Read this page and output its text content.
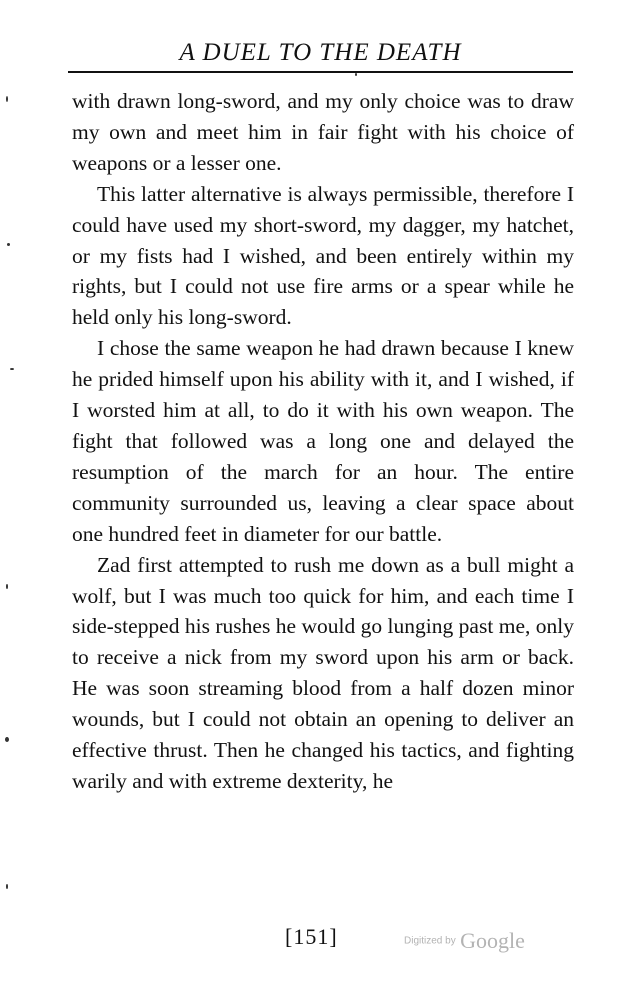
A DUEL TO THE DEATH

with drawn long-sword, and my only choice was to draw my own and meet him in fair fight with his choice of weapons or a lesser one.

This latter alternative is always permissible, therefore I could have used my short-sword, my dagger, my hatchet, or my fists had I wished, and been entirely within my rights, but I could not use fire arms or a spear while he held only his long-sword.

I chose the same weapon he had drawn because I knew he prided himself upon his ability with it, and I wished, if I worsted him at all, to do it with his own weapon. The fight that followed was a long one and delayed the resumption of the march for an hour. The entire community surrounded us, leaving a clear space about one hundred feet in diameter for our battle.

Zad first attempted to rush me down as a bull might a wolf, but I was much too quick for him, and each time I side-stepped his rushes he would go lunging past me, only to receive a nick from my sword upon his arm or back. He was soon streaming blood from a half dozen minor wounds, but I could not obtain an opening to deliver an effective thrust. Then he changed his tactics, and fighting warily and with extreme dexterity, he

[151]	Digitized by Google
